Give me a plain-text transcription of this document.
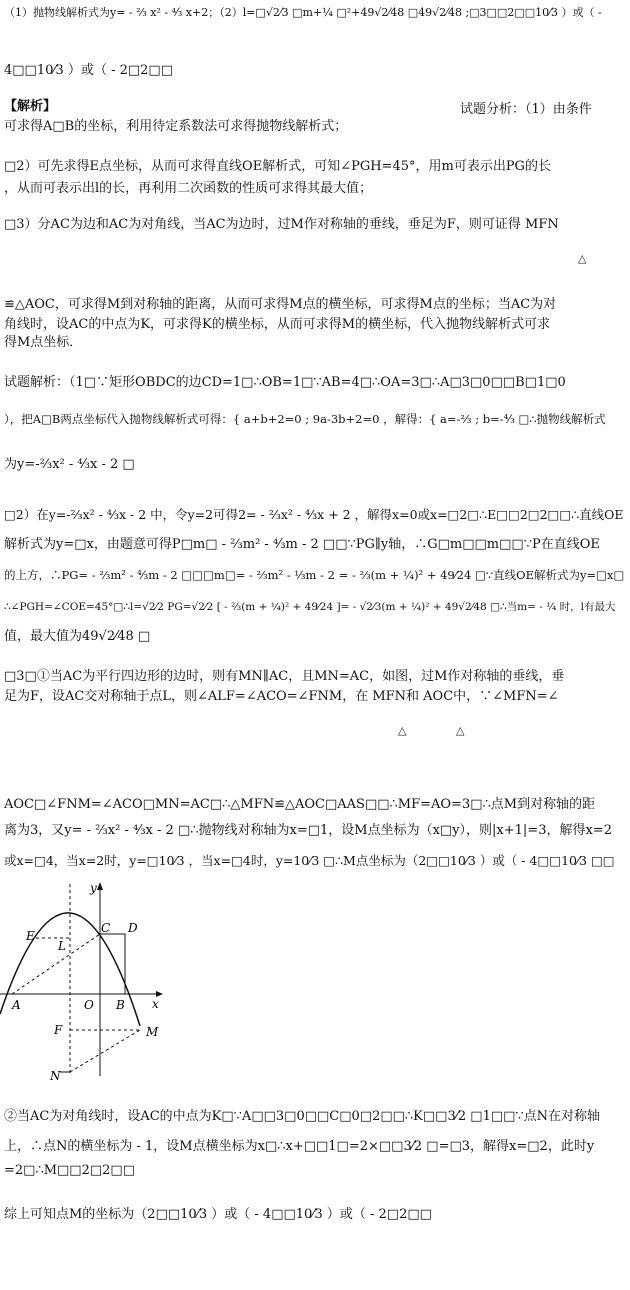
（1）抛物线解析式为y= - ⅔ x² - ⁴⁄₃ x+2；（2）l=□√2⁄3 □m+¼ □²+49√2⁄48 □49√2⁄48 ;□3□□2□□10⁄3 ）或（ -
4□□10⁄3 ）或（ - 2□2□□
【解析】	试题分析：（1）由条件
可求得A□B的坐标，利用待定系数法可求得抛物线解析式；
□2）可先求得E点坐标，从而可求得直线OE解析式，可知∠PGH=45°，用m可表示出PG的长
，从而可表示出l的长，再利用二次函数的性质可求得其最大值；
□3）分AC为边和AC为对角线，当AC为边时，过M作对称轴的垂线，垂足为F，则可证得 MFN
△
≌△AOC，可求得M到对称轴的距离，从而可求得M点的横坐标，可求得M点的坐标；当AC为对
角线时，设AC的中点为K，可求得K的横坐标，从而可求得M的横坐标，代入抛物线解析式可求
得M点坐标．
试题解析：（1□∵矩形OBDC的边CD=1□∴OB=1□∵AB=4□∴OA=3□∴A□3□0□□B□1□0
），把A□B两点坐标代入抛物线解析式可得：{ a+b+2=0 ; 9a-3b+2=0 ，解得：{ a=-⅔ ; b=-⁴⁄₃ □∴抛物线解析式
为y=-⅔x² - ⁴⁄₃x - 2 □
□2）在y=-⅔x² - ⁴⁄₃x - 2 中，令y=2可得2= - ⅔x² - ⁴⁄₃x + 2 ，解得x=0或x=□2□∴E□□2□2□□∴直线OE
解析式为y=□x，由题意可得P□m□ - ⅔m² - ⁴⁄₃m - 2 □□∵PG∥y轴，∴G□m□□m□□∵P在直线OE
的上方，∴PG= - ⅔m² - ⁴⁄₃m - 2 □□□m□= - ⅔m² - ⅓m - 2 = - ⅔(m + ¼)² + 49⁄24 □∵直线OE解析式为y=□x□
∴∠PGH=∠COE=45°□∴l=√2⁄2 PG=√2⁄2 [ - ⅔(m + ¼)² + 49⁄24 ]= - √2⁄3(m + ¼)² + 49√2⁄48 □∴当m= - ¼ 时，l有最大
值，最大值为49√2⁄48 □
□3□①当AC为平行四边形的边时，则有MN∥AC，且MN=AC，如图，过M作对称轴的垂线，垂
足为F，设AC交对称轴于点L，则∠ALF=∠ACO=∠FNM，在 MFN和 AOC中，∵∠MFN=∠
△	△
AOC□∠FNM=∠ACO□MN=AC□∴△MFN≌△AOC□AAS□□∴MF=AO=3□∴点M到对称轴的距
离为3，又y= - ⅔x² - ⁴⁄₃x - 2 □∴抛物线对称轴为x=□1，设M点坐标为（x□y），则|x+1|=3，解得x=2
或x=□4，当x=2时，y=□10⁄3 ，当x=□4时，y=10⁄3 □∴M点坐标为（2□□10⁄3 ）或（ - 4□□10⁄3 □□
y
x
E
C D
L
A	O B
F	M
N
②当AC为对角线时，设AC的中点为K□∵A□□3□0□□C□0□2□□∴K□□3⁄2 □1□□∵点N在对称轴
上，∴点N的横坐标为 - 1，设M点横坐标为x□∴x+□□1□=2×□□3⁄2 □=□3，解得x=□2，此时y
=2□∴M□□2□2□□
综上可知点M的坐标为（2□□10⁄3 ）或（ - 4□□10⁄3 ）或（ - 2□2□□
